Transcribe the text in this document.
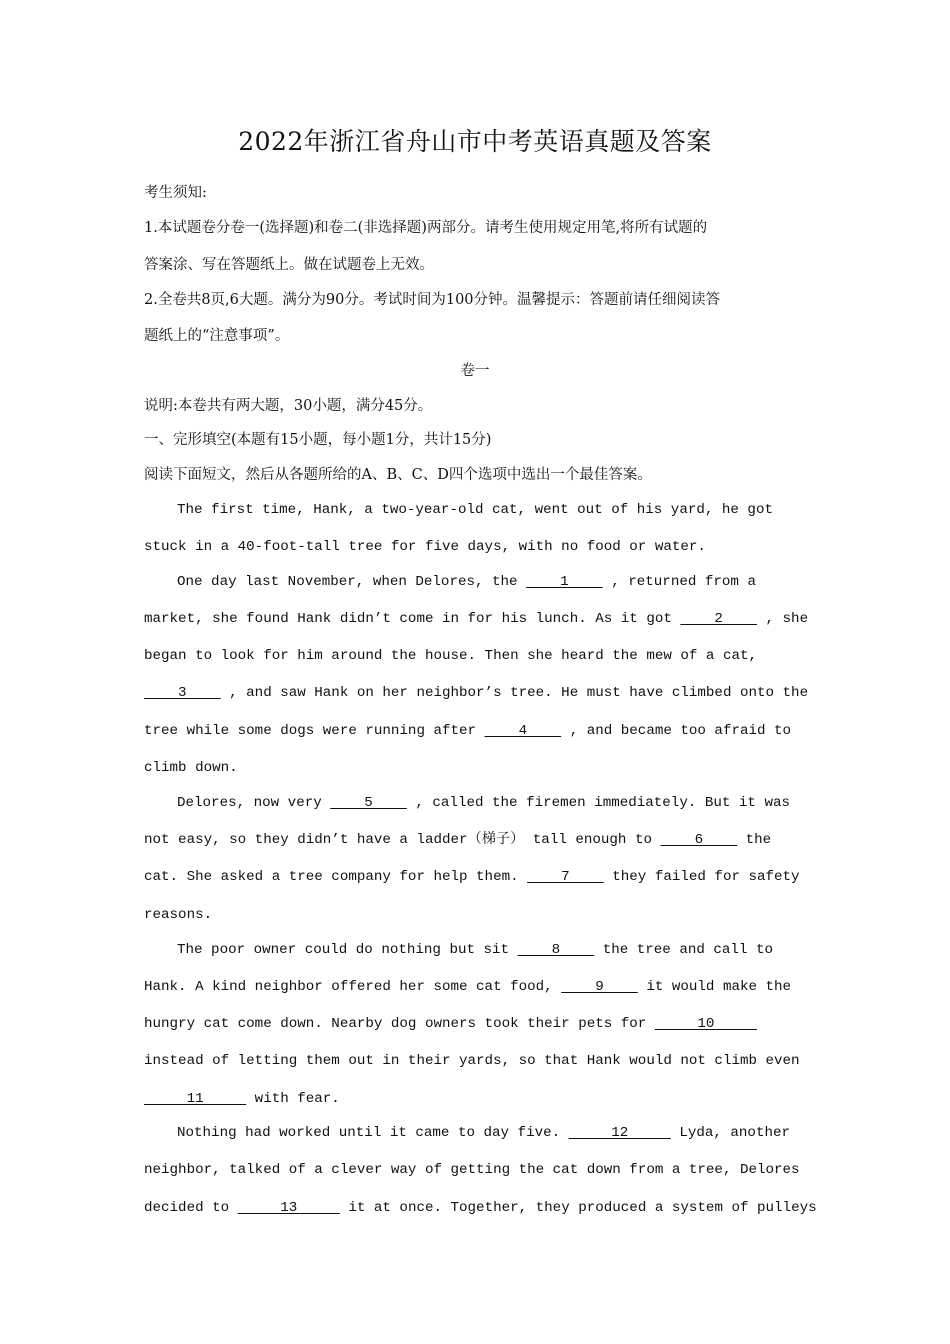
2022年浙江省舟山市中考英语真题及答案
考生须知:
1.本试题卷分卷一(选择题)和卷二(非选择题)两部分。请考生使用规定用笔,将所有试题的
答案涂、写在答题纸上。做在试题卷上无效。
2.全卷共8页,6大题。满分为90分。考试时间为100分钟。温馨提示：答题前请任细阅读答
题纸上的“注意事项”。
卷一
说明:本卷共有两大题，30小题，满分45分。
一、完形填空(本题有15小题，每小题1分，共计15分)
阅读下面短文，然后从各题所给的A、B、C、D四个选项中选出一个最佳答案。
The first time, Hank, a two-year-old cat, went out of his yard, he got
stuck in a 40-foot-tall tree for five days, with no food or water.
One day last November, when Delores, the     1     , returned from a
market, she found Hank didn’t come in for his lunch. As it got     2     , she
began to look for him around the house. Then she heard the mew of a cat,
3     , and saw Hank on her neighbor’s tree. He must have climbed onto the
tree while some dogs were running after     4     , and became too afraid to
climb down.
Delores, now very     5     , called the firemen immediately. But it was
not easy, so they didn’t have a ladder（梯子） tall enough to     6     the
cat. She asked a tree company for help them.     7     they failed for safety
reasons.
The poor owner could do nothing but sit     8     the tree and call to
Hank. A kind neighbor offered her some cat food,     9     it would make the
hungry cat come down. Nearby dog owners took their pets for      10
instead of letting them out in their yards, so that Hank would not climb even
11      with fear.
Nothing had worked until it came to day five.      12      Lyda, another
neighbor, talked of a clever way of getting the cat down from a tree, Delores
decided to      13      it at once. Together, they produced a system of pulleys
